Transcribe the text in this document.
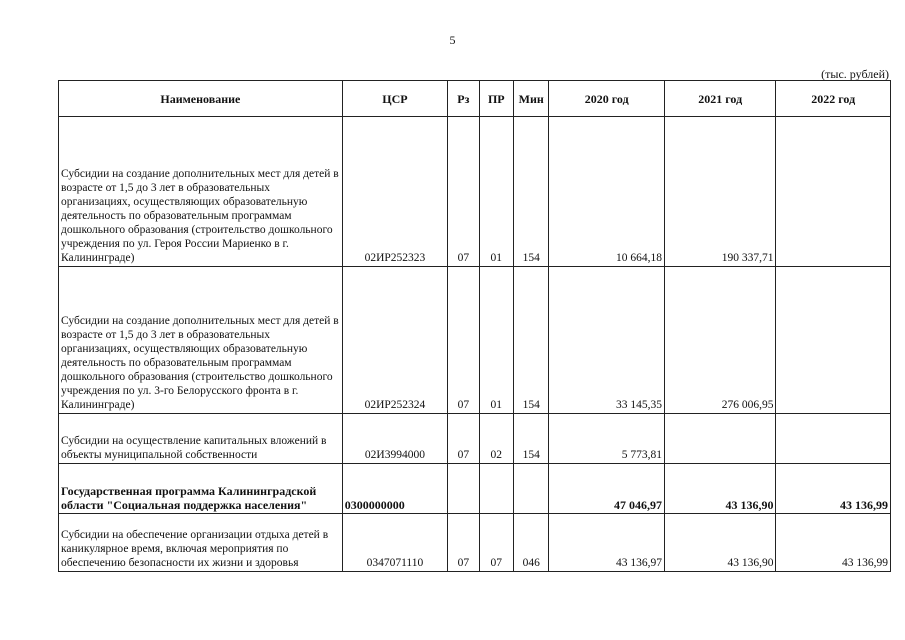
5
(тыс. рублей)
Наименование	ЦСР	Рз	ПР	Мин	2020 год	2021 год	2022 год
Субсидии на создание дополнительных мест для детей в возрасте от 1,5 до 3 лет в образовательных организациях, осуществляющих образовательную деятельность по образовательным программам дошкольного образования (строительство дошкольного учреждения по ул. Героя России Мариенко в г. Калининграде)	02ИР252323	07	01	154	10 664,18	190 337,71	
Субсидии на создание дополнительных мест для детей в возрасте от 1,5 до 3 лет в образовательных организациях, осуществляющих образовательную деятельность по образовательным программам дошкольного образования (строительство дошкольного учреждения по ул. 3-го Белорусского фронта в г. Калининграде)	02ИР252324	07	01	154	33 145,35	276 006,95	
Субсидии на осуществление капитальных вложений в объекты муниципальной собственности	02И3994000	07	02	154	5 773,81		
Государственная программа Калининградской области "Социальная поддержка населения"	0300000000				47 046,97	43 136,90	43 136,99
Субсидии на обеспечение организации отдыха детей в каникулярное время, включая мероприятия по обеспечению безопасности их жизни и здоровья	0347071110	07	07	046	43 136,97	43 136,90	43 136,99
